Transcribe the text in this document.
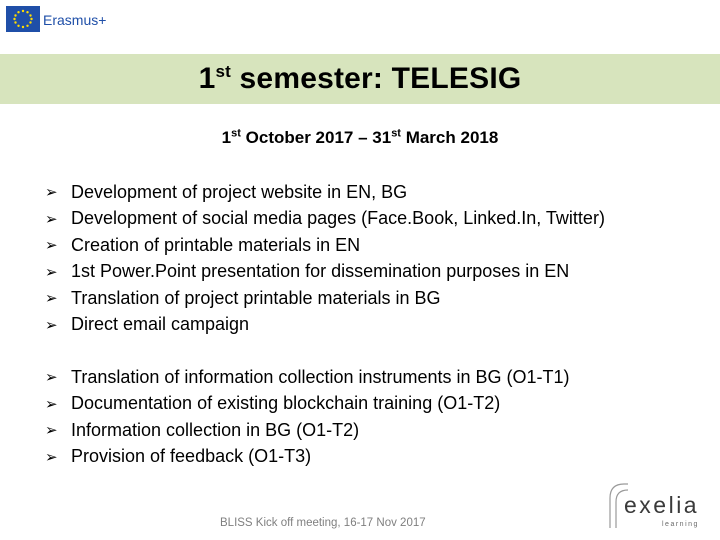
Erasmus+
1st semester: TELESIG
1st October 2017 – 31st March 2018
➢ Development of project website in EN, BG
➢ Development of social media pages (Face.Book, Linked.In, Twitter)
➢ Creation of printable materials in EN
➢ 1st Power.Point presentation for dissemination purposes in EN
➢ Translation of project printable materials in BG
➢ Direct email campaign
➢ Translation of information collection instruments in BG (O1-T1)
➢ Documentation of existing blockchain training (O1-T2)
➢ Information collection in BG (O1-T2)
➢ Provision of feedback (O1-T3)
BLISS Kick off meeting, 16-17 Nov 2017
exelia
learning
